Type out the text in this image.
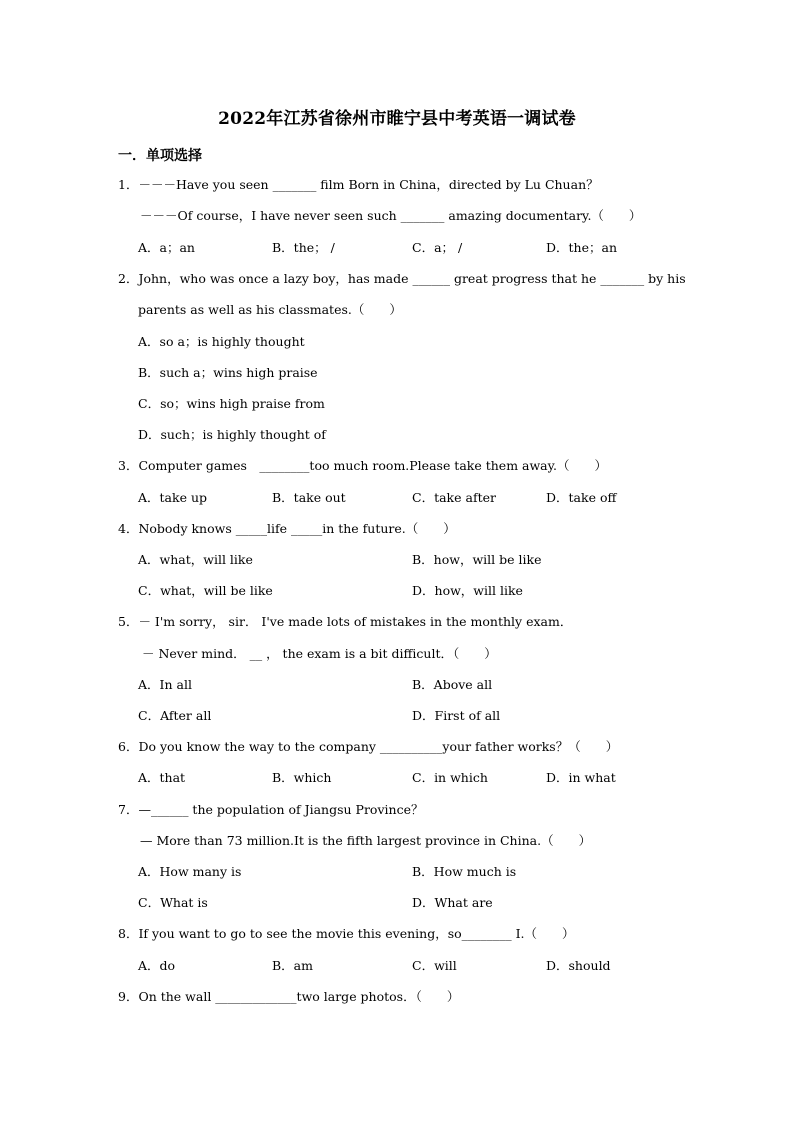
2022年江苏省徐州市睢宁县中考英语一调试卷
一．单项选择
1．－－－Have you seen _______ film Born in China，directed by Lu Chuan？
－－－Of course，I have never seen such _______ amazing documentary.（　　）
A．a；an	B．the； /	C．a； /	D．the；an
2．John，who was once a lazy boy，has made ______ great progress that he _______ by his
parents as well as his classmates.（　　）
A．so a；is highly thought
B．such a；wins high praise
C．so；wins high praise from
D．such；is highly thought of
3．Computer games　________too much room.Please take them away.（　　）
A．take up	B．take out	C．take after	D．take off
4．Nobody knows _____life _____in the future.（　　）
A．what，will like	B．how，will be like
C．what，will be like	D．how，will like
5．－ I'm sorry， sir． I've made lots of mistakes in the monthly exam．
－ Never mind． __ ， the exam is a bit difficult．（　　）
A．In all	B．Above all
C．After all	D．First of all
6．Do you know the way to the company __________your father works？（　　）
A．that	B．which	C．in which	D．in what
7．—______ the population of Jiangsu Province？
— More than 73 million.It is the fifth largest province in China.（　　）
A．How many is	B．How much is
C．What is	D．What are
8．If you want to go to see the movie this evening，so________ I.（　　）
A．do	B．am	C．will	D．should
9．On the wall _____________two large photos．（　　）
